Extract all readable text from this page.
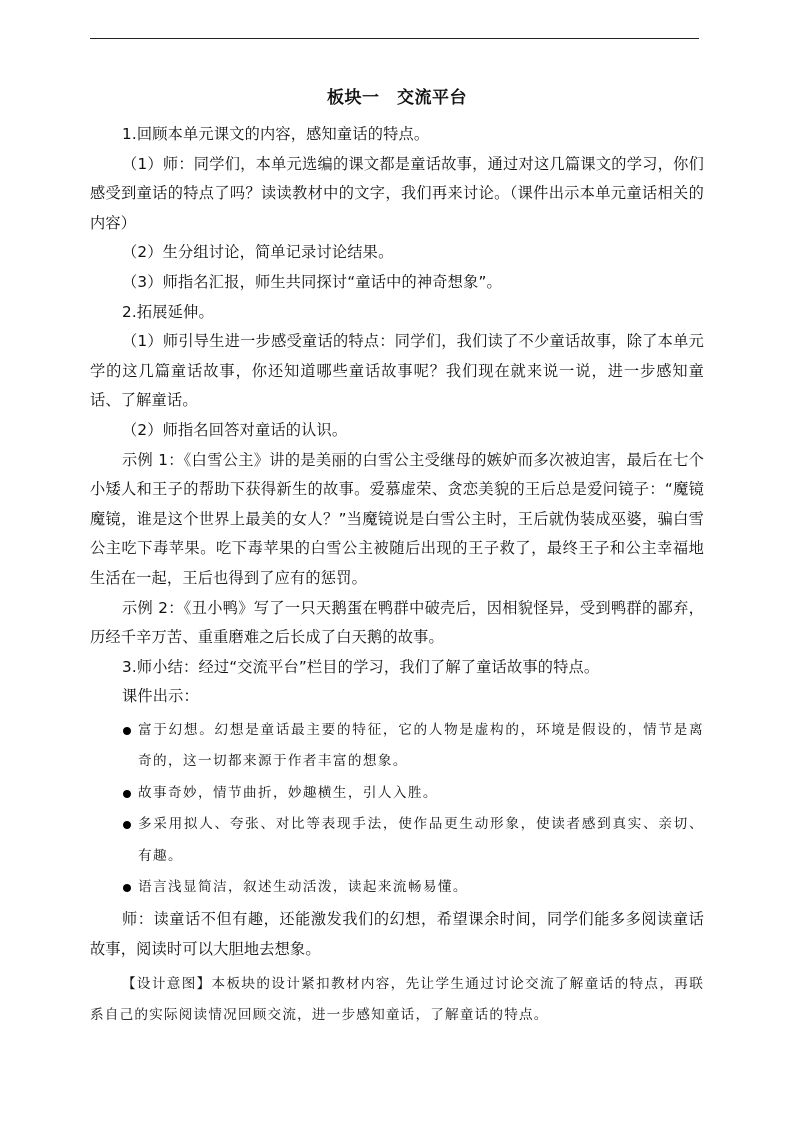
板块一　交流平台

1.回顾本单元课文的内容，感知童话的特点。

（1）师：同学们，本单元选编的课文都是童话故事，通过对这几篇课文的学习，你们感受到童话的特点了吗？读读教材中的文字，我们再来讨论。（课件出示本单元童话相关的内容）

（2）生分组讨论，简单记录讨论结果。

（3）师指名汇报，师生共同探讨“童话中的神奇想象”。

2.拓展延伸。

（1）师引导生进一步感受童话的特点：同学们，我们读了不少童话故事，除了本单元学的这几篇童话故事，你还知道哪些童话故事呢？我们现在就来说一说，进一步感知童话、了解童话。

（2）师指名回答对童话的认识。

示例 1：《白雪公主》讲的是美丽的白雪公主受继母的嫉妒而多次被迫害，最后在七个小矮人和王子的帮助下获得新生的故事。爱慕虚荣、贪恋美貌的王后总是爱问镜子：“魔镜魔镜，谁是这个世界上最美的女人？”当魔镜说是白雪公主时，王后就伪装成巫婆，骗白雪公主吃下毒苹果。吃下毒苹果的白雪公主被随后出现的王子救了，最终王子和公主幸福地生活在一起，王后也得到了应有的惩罚。

示例 2：《丑小鸭》写了一只天鹅蛋在鸭群中破壳后，因相貌怪异，受到鸭群的鄙弃，历经千辛万苦、重重磨难之后长成了白天鹅的故事。

3.师小结：经过“交流平台”栏目的学习，我们了解了童话故事的特点。

课件出示：

富于幻想。幻想是童话最主要的特征，它的人物是虚构的，环境是假设的，情节是离奇的，这一切都来源于作者丰富的想象。
故事奇妙，情节曲折，妙趣横生，引人入胜。
多采用拟人、夸张、对比等表现手法，使作品更生动形象，使读者感到真实、亲切、有趣。
语言浅显简洁，叙述生动活泼，读起来流畅易懂。

师：读童话不但有趣，还能激发我们的幻想，希望课余时间，同学们能多多阅读童话故事，阅读时可以大胆地去想象。

【设计意图】本板块的设计紧扣教材内容，先让学生通过讨论交流了解童话的特点，再联系自己的实际阅读情况回顾交流，进一步感知童话，了解童话的特点。
